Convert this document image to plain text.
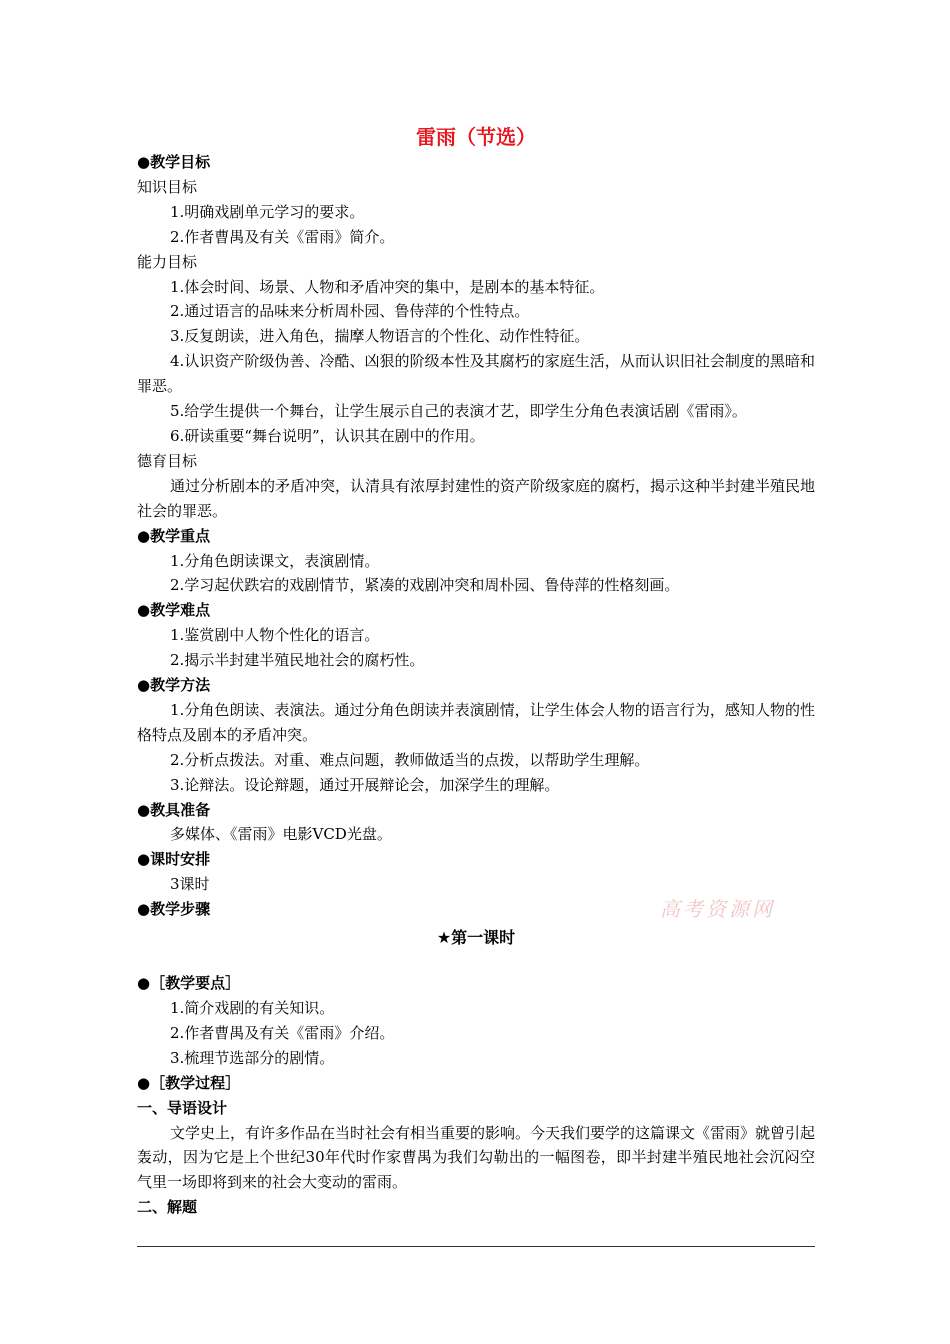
雷雨（节选）
●教学目标
知识目标
1.明确戏剧单元学习的要求。
2.作者曹禺及有关《雷雨》简介。
能力目标
1.体会时间、场景、人物和矛盾冲突的集中，是剧本的基本特征。
2.通过语言的品味来分析周朴园、鲁侍萍的个性特点。
3.反复朗读，进入角色，揣摩人物语言的个性化、动作性特征。
4.认识资产阶级伪善、冷酷、凶狠的阶级本性及其腐朽的家庭生活，从而认识旧社会制度的黑暗和罪恶。
5.给学生提供一个舞台，让学生展示自己的表演才艺，即学生分角色表演话剧《雷雨》。
6.研读重要“舞台说明”，认识其在剧中的作用。
德育目标
通过分析剧本的矛盾冲突，认清具有浓厚封建性的资产阶级家庭的腐朽，揭示这种半封建半殖民地社会的罪恶。
●教学重点
1.分角色朗读课文，表演剧情。
2.学习起伏跌宕的戏剧情节，紧凑的戏剧冲突和周朴园、鲁侍萍的性格刻画。
●教学难点
1.鉴赏剧中人物个性化的语言。
2.揭示半封建半殖民地社会的腐朽性。
●教学方法
1.分角色朗读、表演法。通过分角色朗读并表演剧情，让学生体会人物的语言行为，感知人物的性格特点及剧本的矛盾冲突。
2.分析点拨法。对重、难点问题，教师做适当的点拨，以帮助学生理解。
3.论辩法。设论辩题，通过开展辩论会，加深学生的理解。
●教具准备
多媒体、《雷雨》电影VCD光盘。
●课时安排
3课时
●教学步骤
★第一课时
●［教学要点］
1.简介戏剧的有关知识。
2.作者曹禺及有关《雷雨》介绍。
3.梳理节选部分的剧情。
●［教学过程］
一、导语设计
文学史上，有许多作品在当时社会有相当重要的影响。今天我们要学的这篇课文《雷雨》就曾引起轰动，因为它是上个世纪30年代时作家曹禺为我们勾勒出的一幅图卷，即半封建半殖民地社会沉闷空气里一场即将到来的社会大变动的雷雨。
二、解题
高考资源网
